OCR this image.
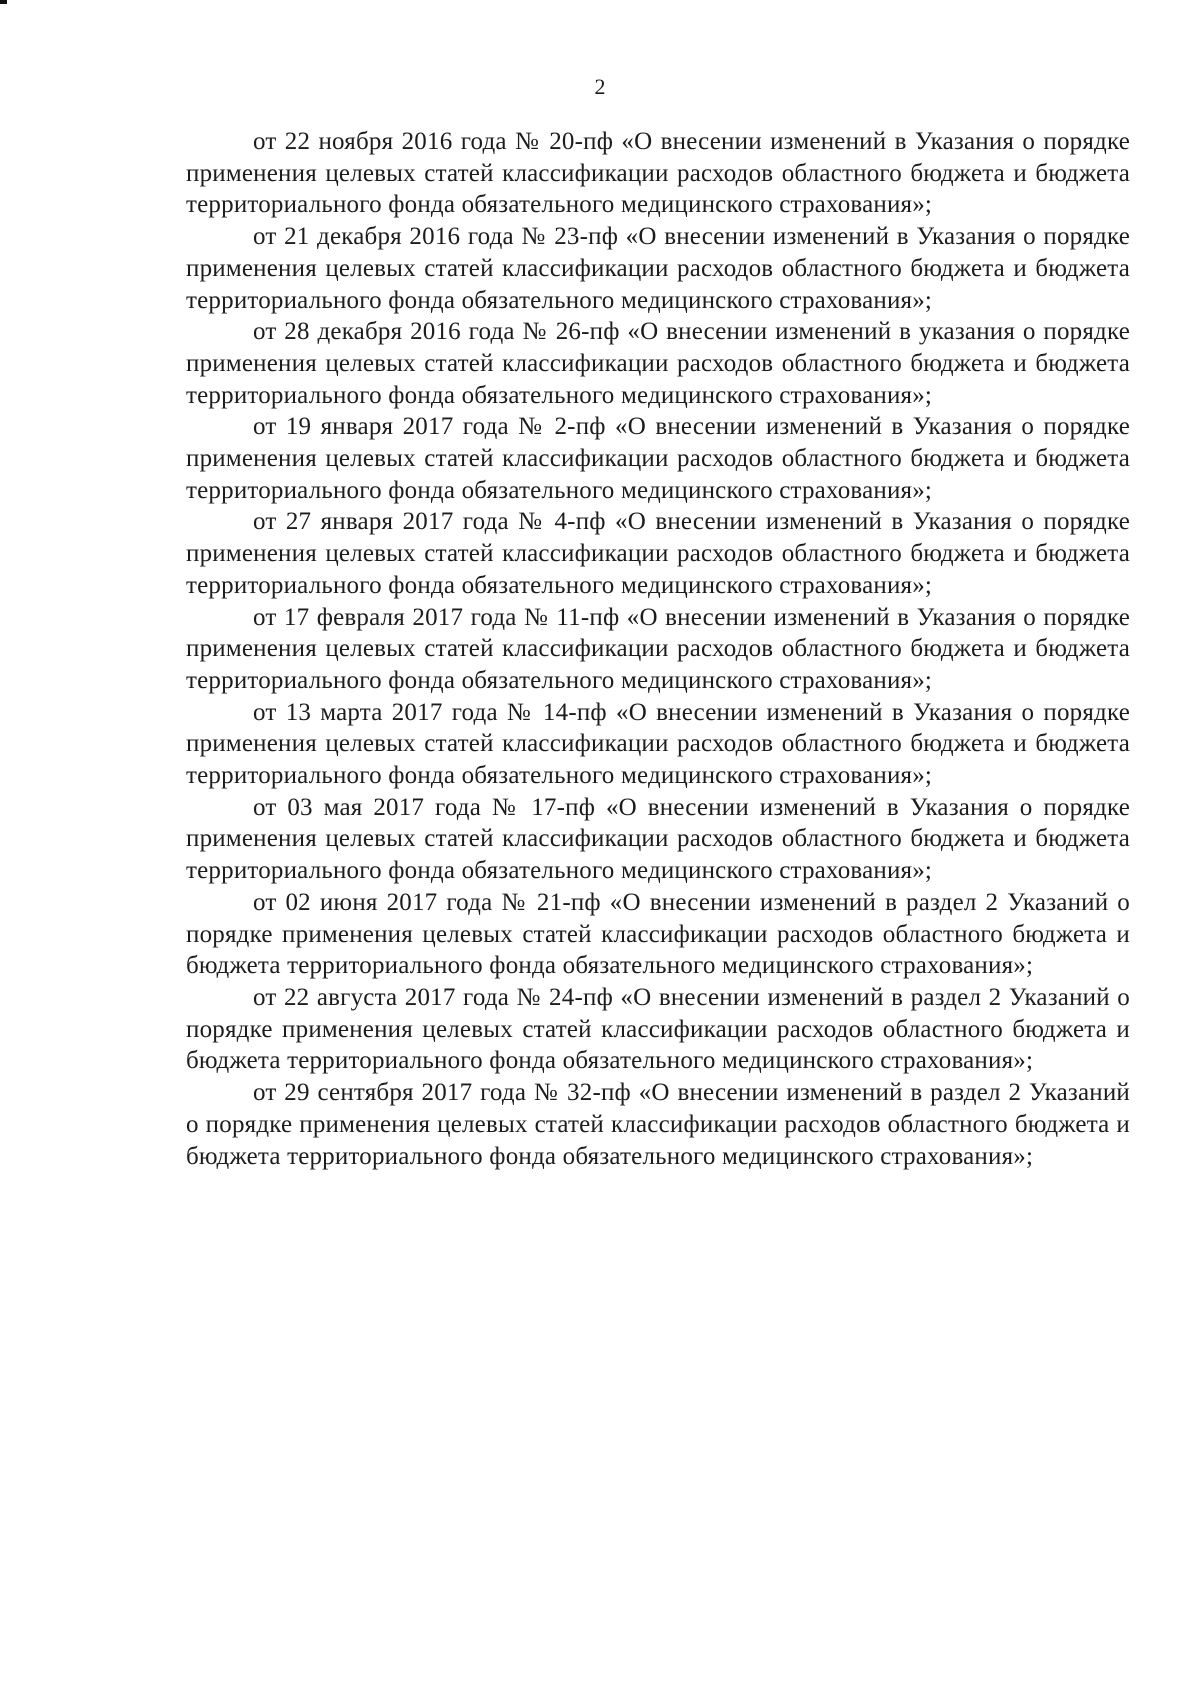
2

от 22 ноября 2016 года № 20-пф «О внесении изменений в Указания о порядке применения целевых статей классификации расходов областного бюджета и бюджета территориального фонда обязательного медицинского страхования»;

от 21 декабря 2016 года № 23-пф «О внесении изменений в Указания о порядке применения целевых статей классификации расходов областного бюджета и бюджета территориального фонда обязательного медицинского страхования»;

от 28 декабря 2016 года № 26-пф «О внесении изменений в указания о порядке применения целевых статей классификации расходов областного бюджета и бюджета территориального фонда обязательного медицинского страхования»;

от 19 января 2017 года № 2-пф «О внесении изменений в Указания о порядке применения целевых статей классификации расходов областного бюджета и бюджета территориального фонда обязательного медицинского страхования»;

от 27 января 2017 года № 4-пф «О внесении изменений в Указания о порядке применения целевых статей классификации расходов областного бюджета и бюджета территориального фонда обязательного медицинского страхования»;

от 17 февраля 2017 года № 11-пф «О внесении изменений в Указания о порядке применения целевых статей классификации расходов областного бюджета и бюджета территориального фонда обязательного медицинского страхования»;

от 13 марта 2017 года № 14-пф «О внесении изменений в Указания о порядке применения целевых статей классификации расходов областного бюджета и бюджета территориального фонда обязательного медицинского страхования»;

от 03 мая 2017 года № 17-пф «О внесении изменений в Указания о порядке применения целевых статей классификации расходов областного бюджета и бюджета территориального фонда обязательного медицинского страхования»;

от 02 июня 2017 года № 21-пф «О внесении изменений в раздел 2 Указаний о порядке применения целевых статей классификации расходов областного бюджета и бюджета территориального фонда обязательного медицинского страхования»;

от 22 августа 2017 года № 24-пф «О внесении изменений в раздел 2 Указаний о порядке применения целевых статей классификации расходов областного бюджета и бюджета территориального фонда обязательного медицинского страхования»;

от 29 сентября 2017 года № 32-пф «О внесении изменений в раздел 2 Указаний о порядке применения целевых статей классификации расходов областного бюджета и бюджета территориального фонда обязательного медицинского страхования»;
